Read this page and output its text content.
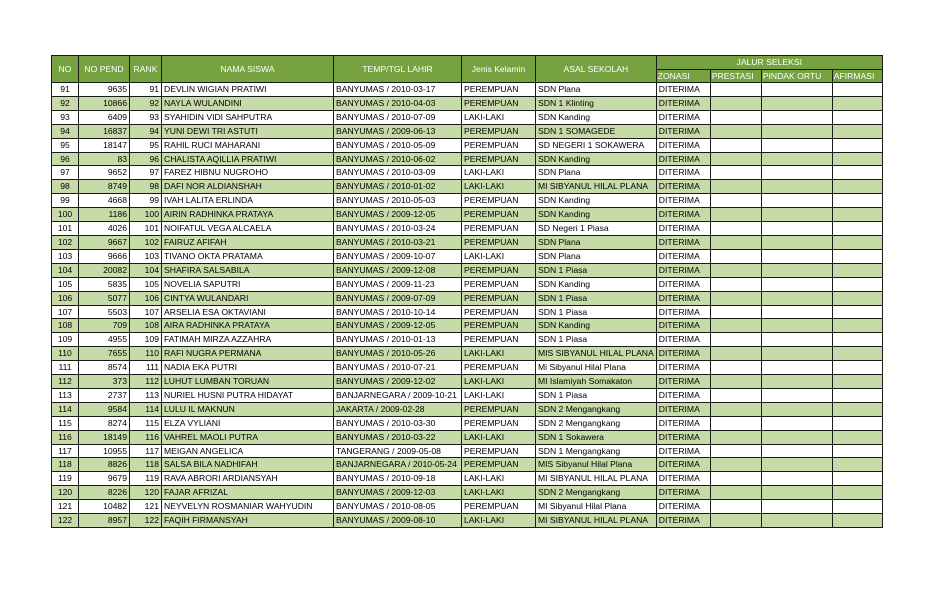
NO	NO PEND	RANK	NAMA SISWA	TEMP/TGL LAHIR	Jenis Kelamin	ASAL SEKOLAH	JALUR SELEKSI			
							ZONASI	PRESTASI	PINDAK ORTU	AFIRMASI
91	9635	91	DEVLIN WIGIAN PRATIWI	BANYUMAS / 2010-03-17	PEREMPUAN	SDN Plana	DITERIMA			
92	10866	92	NAYLA WULANDINI	BANYUMAS / 2010-04-03	PEREMPUAN	SDN 1 Klinting	DITERIMA			
93	6409	93	SYAHIDIN VIDI SAHPUTRA	BANYUMAS / 2010-07-09	LAKI-LAKI	SDN Kanding	DITERIMA			
94	16837	94	YUNI DEWI TRI ASTUTI	BANYUMAS / 2009-06-13	PEREMPUAN	SDN 1 SOMAGEDE	DITERIMA			
95	18147	95	RAHIL RUCI MAHARANI	BANYUMAS / 2010-05-09	PEREMPUAN	SD NEGERI 1 SOKAWERA	DITERIMA			
96	83	96	CHALISTA AQILLIA PRATIWI	BANYUMAS / 2010-06-02	PEREMPUAN	SDN Kanding	DITERIMA			
97	9652	97	FAREZ HIBNU NUGROHO	BANYUMAS / 2010-03-09	LAKI-LAKI	SDN Plana	DITERIMA			
98	8749	98	DAFI NOR ALDIANSHAH	BANYUMAS / 2010-01-02	LAKI-LAKI	MI SIBYANUL HILAL PLANA	DITERIMA			
99	4668	99	IVAH LALITA ERLINDA	BANYUMAS / 2010-05-03	PEREMPUAN	SDN Kanding	DITERIMA			
100	1186	100	AIRIN RADHINKA PRATAYA	BANYUMAS / 2009-12-05	PEREMPUAN	SDN Kanding	DITERIMA			
101	4026	101	NOIFATUL VEGA ALCAELA	BANYUMAS / 2010-03-24	PEREMPUAN	SD Negeri 1 Piasa	DITERIMA			
102	9667	102	FAIRUZ AFIFAH	BANYUMAS / 2010-03-21	PEREMPUAN	SDN Plana	DITERIMA			
103	9666	103	TIVANO OKTA PRATAMA	BANYUMAS / 2009-10-07	LAKI-LAKI	SDN Plana	DITERIMA			
104	20082	104	SHAFIRA SALSABILA	BANYUMAS / 2009-12-08	PEREMPUAN	SDN 1 Piasa	DITERIMA			
105	5835	105	NOVELIA SAPUTRI	BANYUMAS / 2009-11-23	PEREMPUAN	SDN Kanding	DITERIMA			
106	5077	106	CINTYA WULANDARI	BANYUMAS / 2009-07-09	PEREMPUAN	SDN 1 Piasa	DITERIMA			
107	5503	107	ARSELIA ESA OKTAVIANI	BANYUMAS / 2010-10-14	PEREMPUAN	SDN 1 Piasa	DITERIMA			
108	709	108	AIRA RADHINKA PRATAYA	BANYUMAS / 2009-12-05	PEREMPUAN	SDN Kanding	DITERIMA			
109	4955	109	FATIMAH MIRZA AZZAHRA	BANYUMAS / 2010-01-13	PEREMPUAN	SDN 1 Piasa	DITERIMA			
110	7655	110	RAFI NUGRA PERMANA	BANYUMAS / 2010-05-26	LAKI-LAKI	MIS SIBYANUL HILAL PLANA	DITERIMA			
111	8574	111	NADIA EKA PUTRI	BANYUMAS / 2010-07-21	PEREMPUAN	Mi Sibyanul Hilal Plana	DITERIMA			
112	373	112	LUHUT LUMBAN TORUAN	BANYUMAS / 2009-12-02	LAKI-LAKI	MI Islamiyah Somakaton	DITERIMA			
113	2737	113	NURIEL HUSNI PUTRA HIDAYAT	BANJARNEGARA / 2009-10-21	LAKI-LAKI	SDN 1 Piasa	DITERIMA			
114	9584	114	LULU IL MAKNUN	JAKARTA / 2009-02-28	PEREMPUAN	SDN 2 Mengangkang	DITERIMA			
115	8274	115	ELZA VYLIANI	BANYUMAS / 2010-03-30	PEREMPUAN	SDN 2 Mengangkang	DITERIMA			
116	18149	116	VAHREL MAOLI PUTRA	BANYUMAS / 2010-03-22	LAKI-LAKI	SDN 1 Sokawera	DITERIMA			
117	10955	117	MEIGAN ANGELICA	TANGERANG / 2009-05-08	PEREMPUAN	SDN 1 Mengangkang	DITERIMA			
118	8826	118	SALSA BILA NADHIFAH	BANJARNEGARA / 2010-05-24	PEREMPUAN	MIS Sibyanul Hilal Plana	DITERIMA			
119	9679	119	RAVA ABRORI ARDIANSYAH	BANYUMAS / 2010-09-18	LAKI-LAKI	MI SIBYANUL HILAL PLANA	DITERIMA			
120	8226	120	FAJAR AFRIZAL	BANYUMAS / 2009-12-03	LAKI-LAKI	SDN 2 Mengangkang	DITERIMA			
121	10482	121	NEYVELYN ROSMANIAR WAHYUDIN	BANYUMAS / 2010-08-05	PEREMPUAN	MI Sibyanul Hilal Plana	DITERIMA			
122	8957	122	FAQIH FIRMANSYAH	BANYUMAS / 2009-08-10	LAKI-LAKI	MI SIBYANUL HILAL PLANA	DITERIMA			
